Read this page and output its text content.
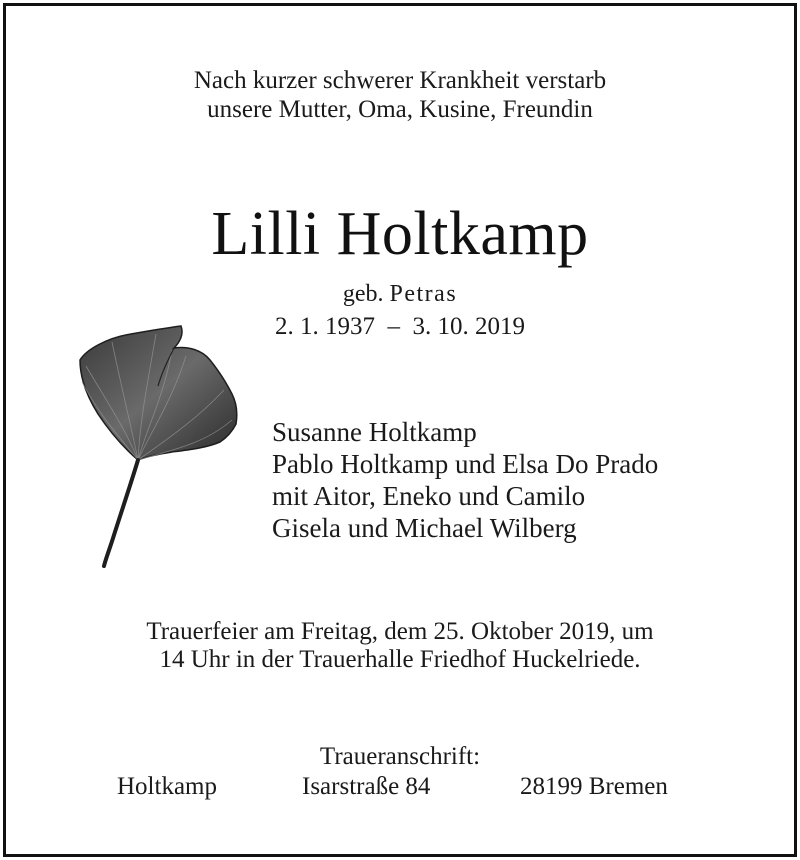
Nach kurzer schwerer Krankheit verstarb
unsere Mutter, Oma, Kusine, Freundin
Lilli Holtkamp
geb. Petras
2. 1. 1937  –  3. 10. 2019
Susanne Holtkamp
Pablo Holtkamp und Elsa Do Prado
mit Aitor, Eneko und Camilo
Gisela und Michael Wilberg
Trauerfeier am Freitag, dem 25. Oktober 2019, um
14 Uhr in der Trauerhalle Friedhof Huckelriede.
Traueranschrift:
Holtkamp	Isarstraße 84	28199 Bremen
